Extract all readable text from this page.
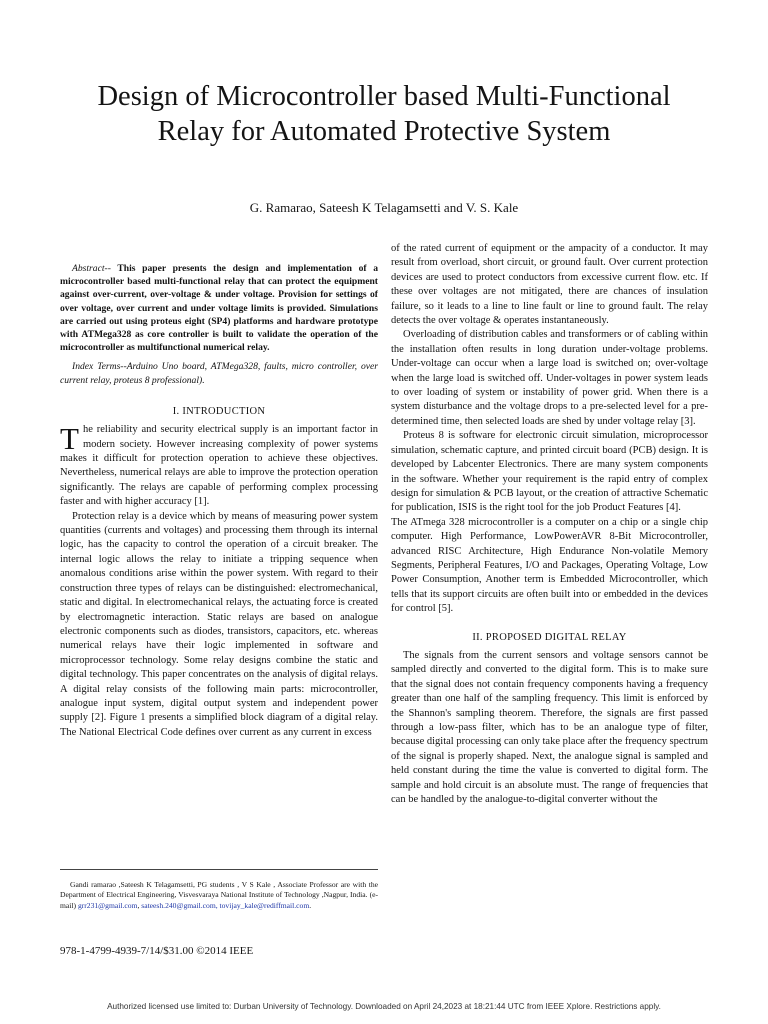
Design of Microcontroller based Multi-Functional Relay for Automated Protective System
G. Ramarao, Sateesh K Telagamsetti and V. S. Kale

Abstract-- This paper presents the design and implementation of a microcontroller based multi-functional relay that can protect the equipment against over-current, over-voltage & under voltage. Provision for settings of over voltage, over current and under voltage limits is provided. Simulations are carried out using proteus eight (SP4) platforms and hardware prototype with ATMega328 as core controller is built to validate the operation of the microcontroller as multifunctional numerical relay.

Index Terms--Arduino Uno board, ATMega328, faults, micro controller, over current relay, proteus 8 professional).

I. INTRODUCTION

The reliability and security electrical supply is an important factor in modern society. However increasing complexity of power systems makes it difficult for protection operation to achieve these objectives. Nevertheless, numerical relays are able to improve the protection operation significantly. The relays are capable of performing complex processing faster and with higher accuracy [1].

Protection relay is a device which by means of measuring power system quantities (currents and voltages) and processing them through its internal logic, has the capacity to control the operation of a circuit breaker. The internal logic allows the relay to initiate a tripping sequence when anomalous conditions arise within the power system. With regard to their construction three types of relays can be distinguished: electromechanical, static and digital. In electromechanical relays, the actuating force is created by electromagnetic interaction. Static relays are based on analogue electronic components such as diodes, transistors, capacitors, etc. whereas numerical relays have their logic implemented in software and microprocessor technology. Some relay designs combine the static and digital technology. This paper concentrates on the analysis of digital relays. A digital relay consists of the following main parts: microcontroller, analogue input system, digital output system and independent power supply [2]. Figure 1 presents a simplified block diagram of a digital relay. The National Electrical Code defines over current as any current in excess

of the rated current of equipment or the ampacity of a conductor. It may result from overload, short circuit, or ground fault. Over current protection devices are used to protect conductors from excessive current flow. etc. If these over voltages are not mitigated, there are chances of insulation failure, so it leads to a line to line fault or line to ground fault. The relay detects the over voltage & operates instantaneously.

Overloading of distribution cables and transformers or of cabling within the installation often results in long duration under-voltage problems. Under-voltage can occur when a large load is switched on; over-voltage when the large load is switched off. Under-voltages in power system leads to over loading of system or instability of power grid. When there is a system disturbance and the voltage drops to a pre-selected level for a pre-determined time, then selected loads are shed by under voltage relay [3].

Proteus 8 is software for electronic circuit simulation, microprocessor simulation, schematic capture, and printed circuit board (PCB) design. It is developed by Labcenter Electronics. There are many system components in the software. Whether your requirement is the rapid entry of complex design for simulation & PCB layout, or the creation of attractive Schematic for publication, ISIS is the right tool for the job Product Features [4].

The ATmega 328 microcontroller is a computer on a chip or a single chip computer. High Performance, LowPowerAVR 8-Bit Microcontroller, advanced RISC Architecture, High Endurance Non-volatile Memory Segments, Peripheral Features, I/O and Packages, Operating Voltage, Low Power Consumption, Another term is Embedded Microcontroller, which tells that its support circuits are often built into or embedded in the devices for control [5].

II. PROPOSED DIGITAL RELAY

The signals from the current sensors and voltage sensors cannot be sampled directly and converted to the digital form. This is to make sure that the signal does not contain frequency components having a frequency greater than one half of the sampling frequency. This limit is enforced by the Shannon's sampling theorem. Therefore, the signals are first passed through a low-pass filter, which has to be an analogue type of filter, because digital processing can only take place after the frequency spectrum of the signal is properly shaped. Next, the analogue signal is sampled and held constant during the time the value is converted to digital form. The sample and hold circuit is an absolute must. The range of frequencies that can be handled by the analogue-to-digital converter without the

Gandi ramarao ,Sateesh K Telagamsetti, PG students , V S Kale , Associate Professor are with the Department of Electrical Engineering, Visvesvaraya National Institute of Technology ,Nagpur, India. (e-mail) grr231@gmail.com, sateesh.240@gmail.com, tovijay_kale@rediffmail.com.

978-1-4799-4939-7/14/$31.00 ©2014 IEEE
Authorized licensed use limited to: Durban University of Technology. Downloaded on April 24,2023 at 18:21:44 UTC from IEEE Xplore. Restrictions apply.
